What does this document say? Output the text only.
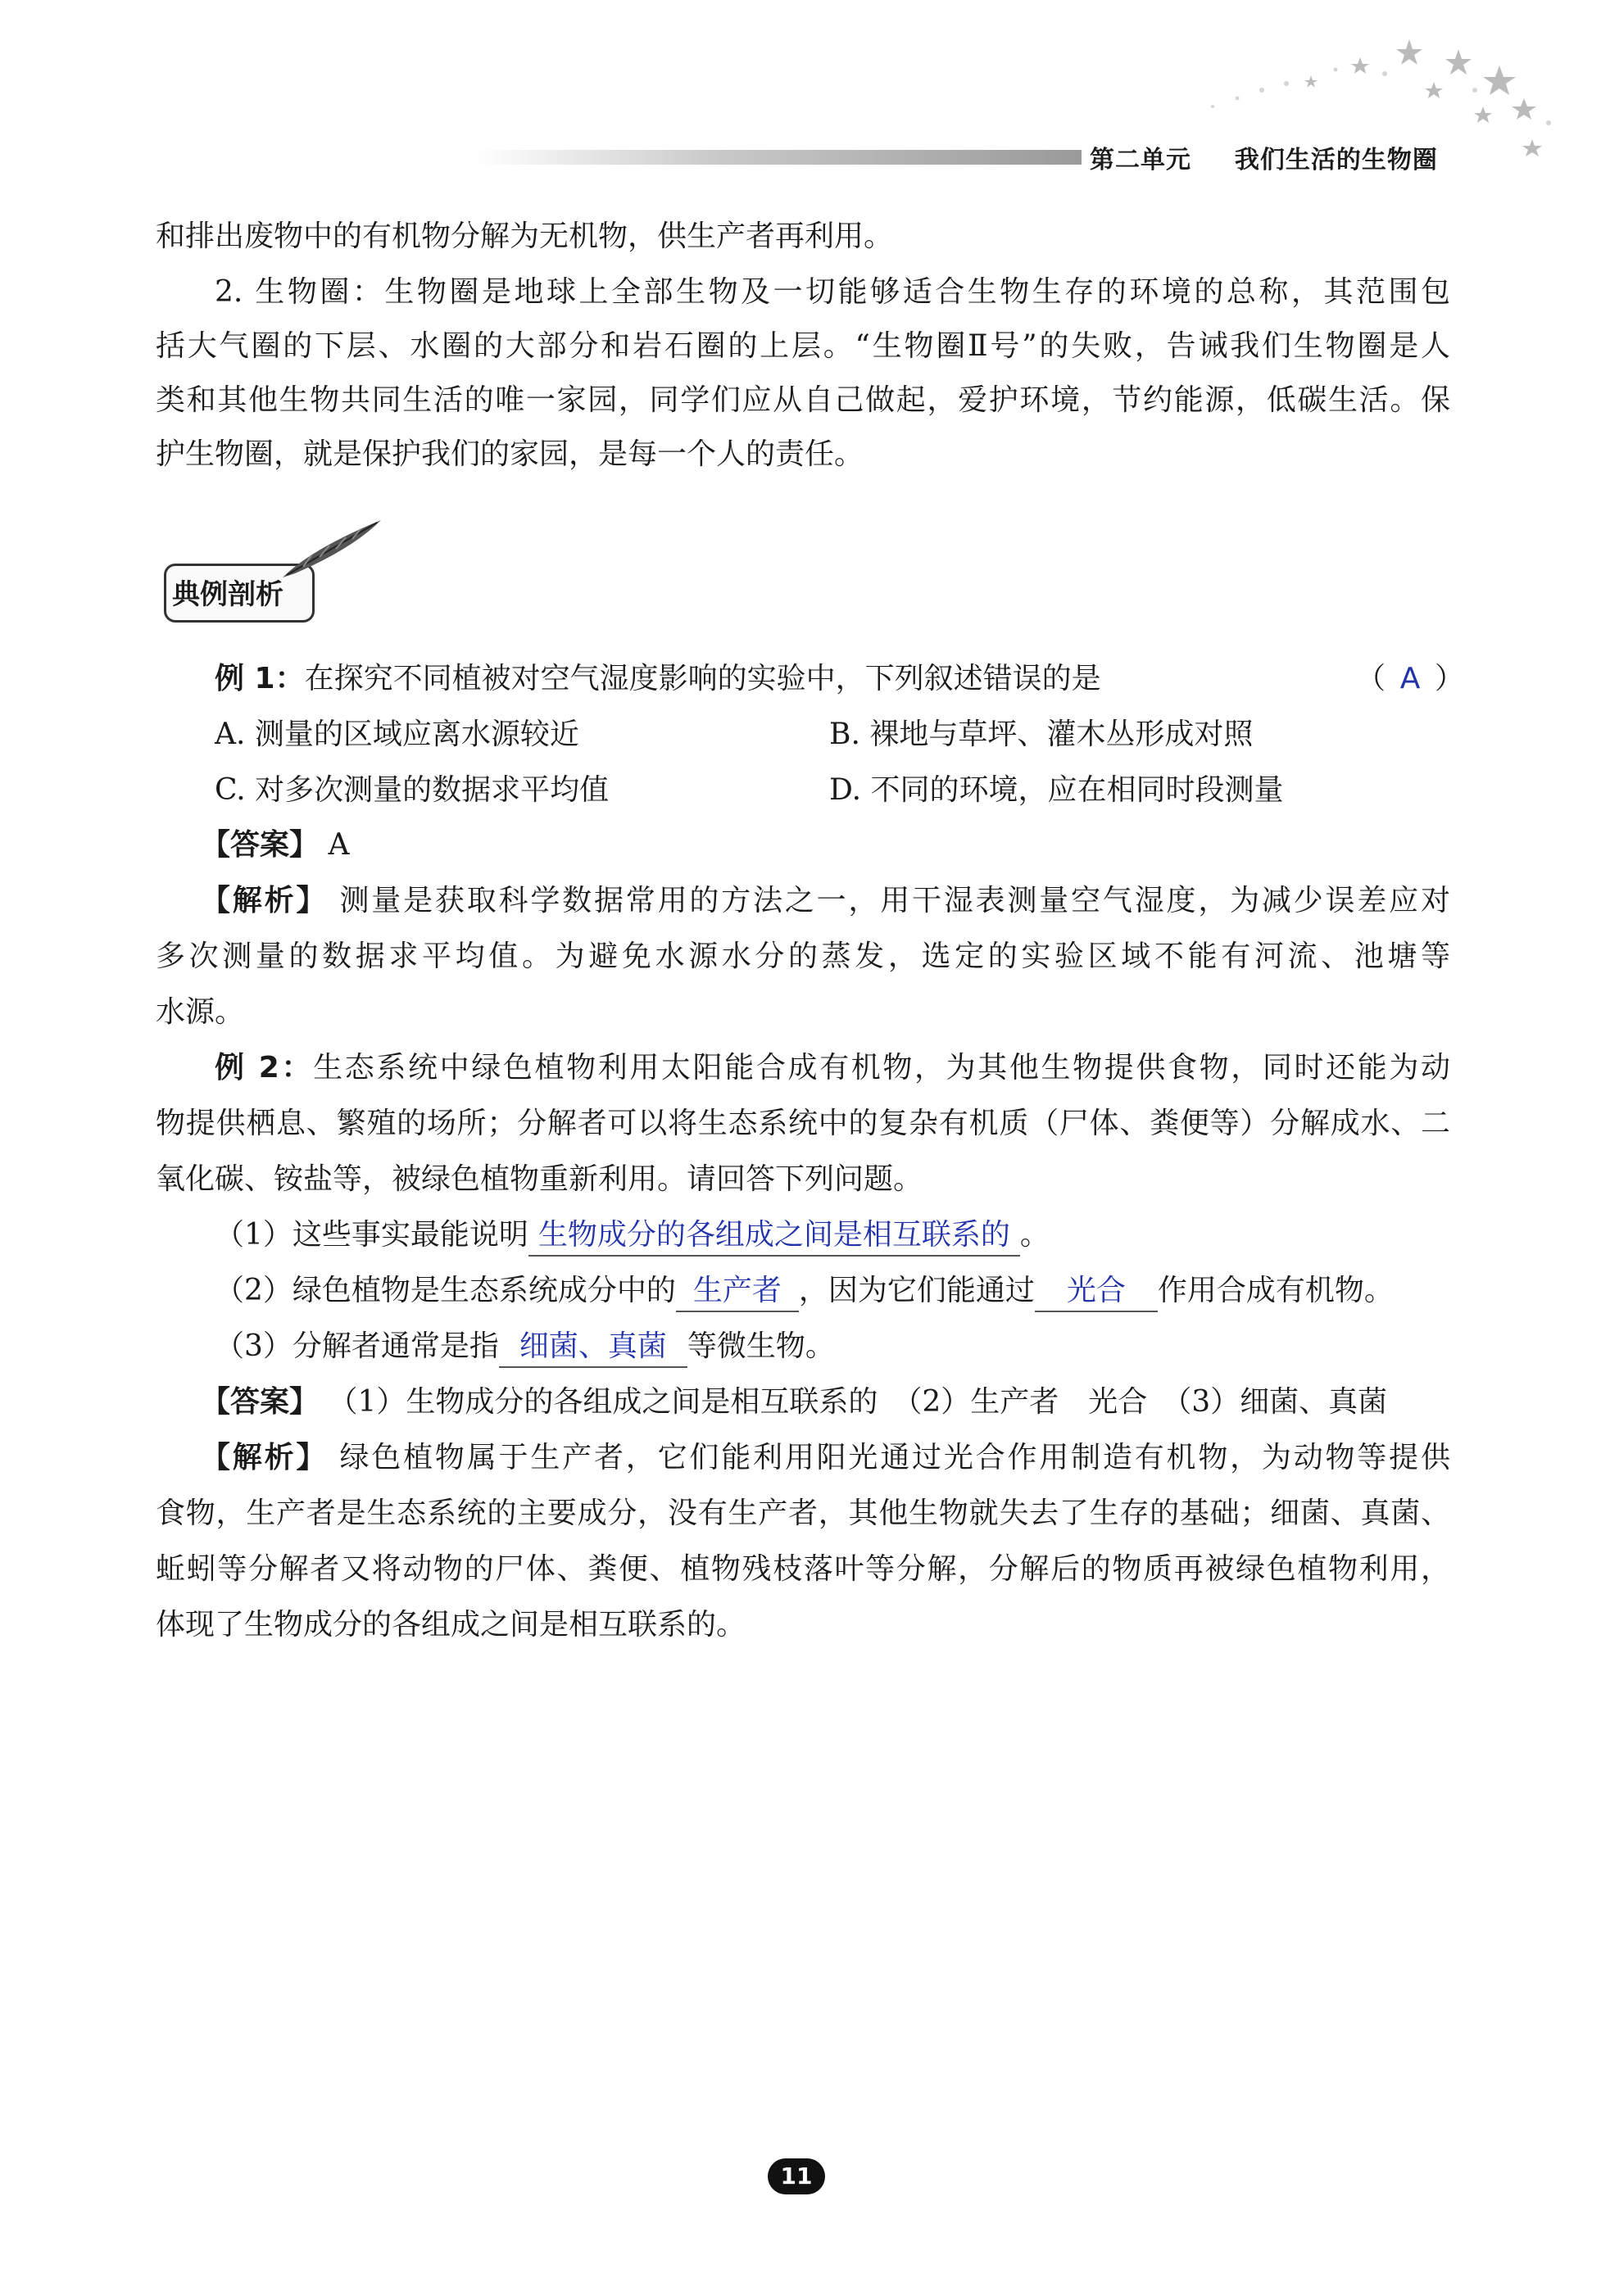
第二单元 我们生活的生物圈
和排出废物中的有机物分解为无机物，供生产者再利用。
2. 生物圈：生物圈是地球上全部生物及一切能够适合生物生存的环境的总称，其范围包
括大气圈的下层、水圈的大部分和岩石圈的上层。“生物圈Ⅱ号”的失败，告诫我们生物圈是人
类和其他生物共同生活的唯一家园，同学们应从自己做起，爱护环境，节约能源，低碳生活。保
护生物圈，就是保护我们的家园，是每一个人的责任。
典例剖析
例 1：在探究不同植被对空气湿度影响的实验中，下列叙述错误的是	（ A ）
A. 测量的区域应离水源较近	B. 裸地与草坪、灌木丛形成对照
C. 对多次测量的数据求平均值	D. 不同的环境，应在相同时段测量
【答案】 A
【解析】 测量是获取科学数据常用的方法之一，用干湿表测量空气湿度，为减少误差应对
多次测量的数据求平均值。为避免水源水分的蒸发，选定的实验区域不能有河流、池塘等
水源。
例 2：生态系统中绿色植物利用太阳能合成有机物，为其他生物提供食物，同时还能为动
物提供栖息、繁殖的场所；分解者可以将生态系统中的复杂有机质（尸体、粪便等）分解成水、二
氧化碳、铵盐等，被绿色植物重新利用。请回答下列问题。
（1）这些事实最能说明 生物成分的各组成之间是相互联系的 。
（2）绿色植物是生态系统成分中的 生产者 ，因为它们能通过 光合 作用合成有机物。
（3）分解者通常是指 细菌、真菌 等微生物。
【答案】 （1）生物成分的各组成之间是相互联系的　（2）生产者　光合　（3）细菌、真菌
【解析】 绿色植物属于生产者，它们能利用阳光通过光合作用制造有机物，为动物等提供
食物，生产者是生态系统的主要成分，没有生产者，其他生物就失去了生存的基础；细菌、真菌、
蚯蚓等分解者又将动物的尸体、粪便、植物残枝落叶等分解，分解后的物质再被绿色植物利用，
体现了生物成分的各组成之间是相互联系的。
11
